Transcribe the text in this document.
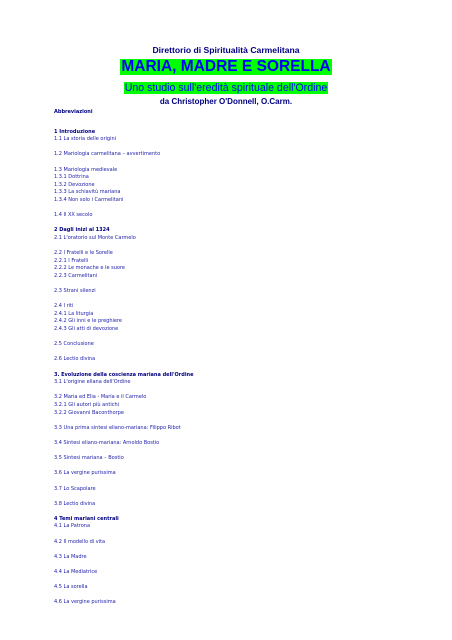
Direttorio di Spiritualità Carmelitana
MARIA, MADRE E SORELLA
Uno studio sull'eredità spirituale dell'Ordine
da Christopher O'Donnell, O.Carm.
Abbreviazioni
1 Introduzione
1.1 La storia delle origini
1.2 Mariologia carmelitana – avvertimento
1.3 Mariologia medievale
1.3.1 Dottrina
1.3.2 Devozione
1.3.3 La schiavitù mariana
1.3.4 Non solo i Carmelitani
1.4 Il XX secolo
2 Dagli inizi al 1324
2.1 L'oratorio sul Monte Carmelo
2.2 I Fratelli e le Sorelle
2.2.1 I Fratelli
2.2.2 Le monache e le suore
2.2.3 Carmelitani
2.3 Strani silenzi
2.4 I riti
2.4.1 La liturgia
2.4.2 Gli inni e le preghiere
2.4.3 Gli atti di devozione
2.5 Conclusione
2.6 Lectio divina
3. Evoluzione della coscienza mariana dell'Ordine
3.1 L'origine ellana dell'Ordine
3.2 Maria ed Elia - Maria e il Carmelo
3.2.1 Gli autori più antichi
3.2.2 Giovanni Baconthorpe
3.3 Una prima sintesi eliano-mariana: Filippo Ribot
3.4 Sintesi eliano-mariana: Arnoldo Bostio
3.5 Sintesi mariana – Bostio
3.6 La vergine purissima
3.7 Lo Scapolare
3.8 Lectio divina
4 Temi mariani centrali
4.1 La Patrona
4.2 Il modello di vita
4.3 La Madre
4.4 La Mediatrice
4.5 La sorella
4.6 La vergine purissima
